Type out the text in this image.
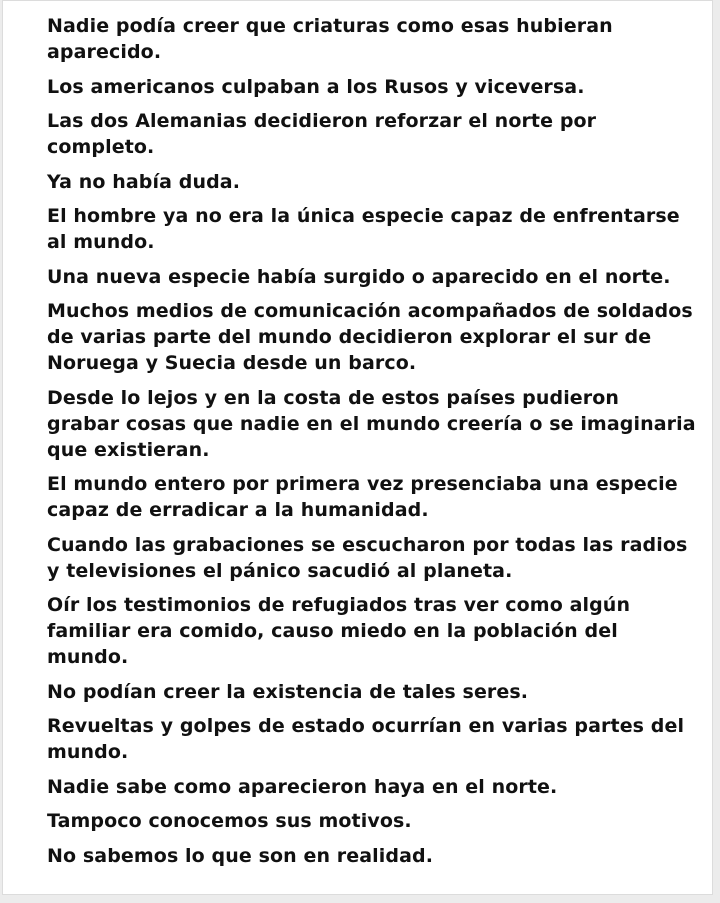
Nadie podía creer que criaturas como esas hubieran aparecido.

Los americanos culpaban a los Rusos y viceversa.

Las dos Alemanias decidieron reforzar el norte por completo.

Ya no había duda.

El hombre ya no era la única especie capaz de enfrentarse al mundo.

Una nueva especie había surgido o aparecido en el norte.

Muchos medios de comunicación acompañados de soldados de varias parte del mundo decidieron explorar el sur de Noruega y Suecia desde un barco.

Desde lo lejos y en la costa de estos países pudieron grabar cosas que nadie en el mundo creería o se imaginaria que existieran.

El mundo entero por primera vez presenciaba una especie capaz de erradicar a la humanidad.

Cuando las grabaciones se escucharon por todas las radios y televisiones el pánico sacudió al planeta.

Oír los testimonios de refugiados tras ver como algún familiar era comido, causo miedo en la población del mundo.

No podían creer la existencia de tales seres.

Revueltas y golpes de estado ocurrían en varias partes del mundo.

Nadie sabe como aparecieron haya en el norte.

Tampoco conocemos sus motivos.

No sabemos lo que son en realidad.
